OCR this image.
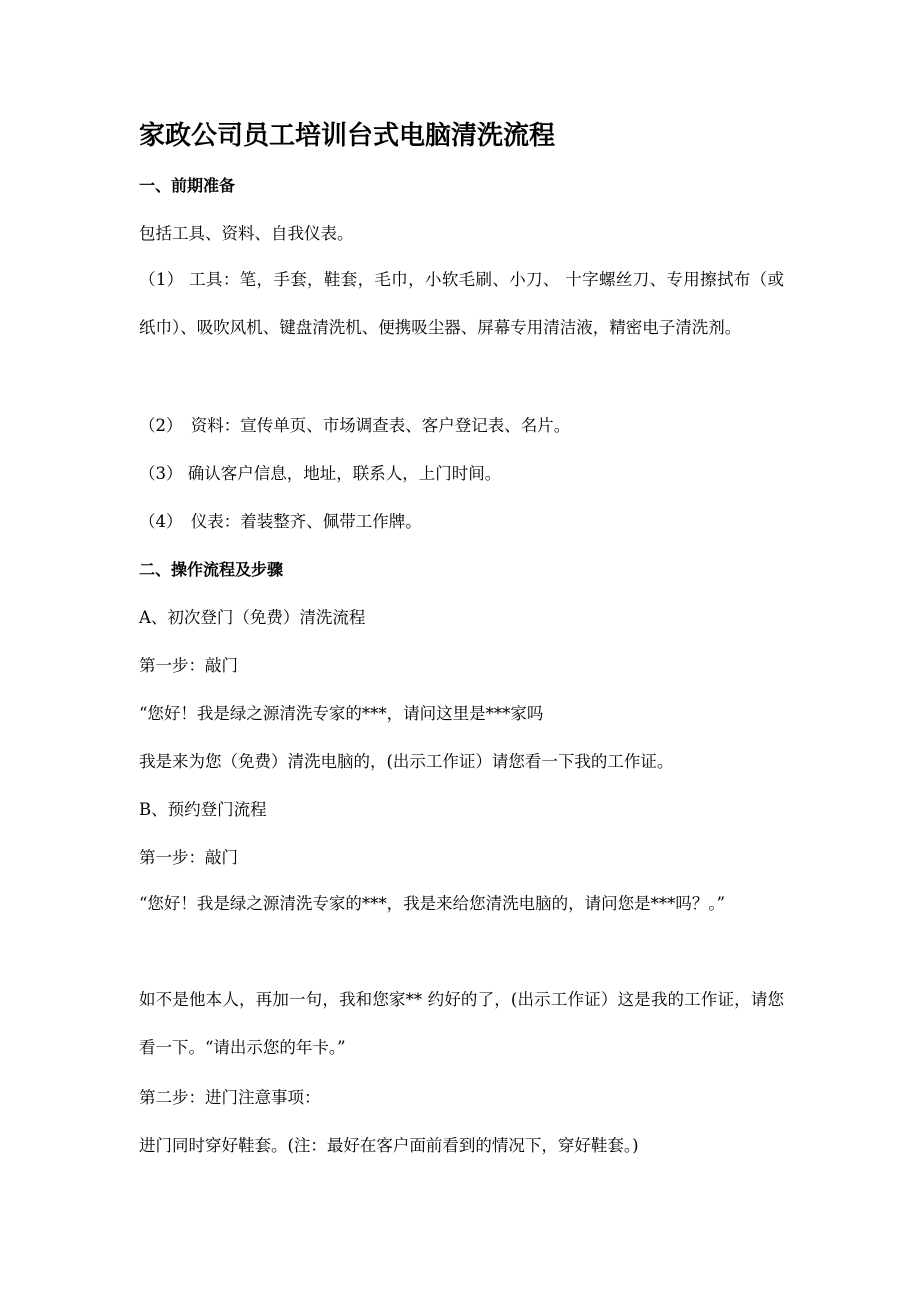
家政公司员工培训台式电脑清洗流程
一、前期准备
包括工具、资料、自我仪表。
（1） 工具：笔，手套，鞋套，毛巾，小软毛刷、小刀、 十字螺丝刀、专用擦拭布（或纸巾）、吸吹风机、键盘清洗机、便携吸尘器、屏幕专用清洁液，精密电子清洗剂。
（2）　资料：宣传单页、市场调查表、客户登记表、名片。
（3） 确认客户信息，地址，联系人，上门时间。
（4）　仪表：着装整齐、佩带工作牌。
二、操作流程及步骤
A、初次登门（免费）清洗流程
第一步：敲门
“您好！我是绿之源清洗专家的***，请问这里是***家吗
我是来为您（免费）清洗电脑的，(出示工作证）请您看一下我的工作证。
B、预约登门流程
第一步：敲门
“您好！我是绿之源清洗专家的***，我是来给您清洗电脑的，请问您是***吗？。”
如不是他本人，再加一句，我和您家** 约好的了，(出示工作证）这是我的工作证，请您看一下。“请出示您的年卡。”
第二步：进门注意事项：
进门同时穿好鞋套。(注：最好在客户面前看到的情况下，穿好鞋套。)
